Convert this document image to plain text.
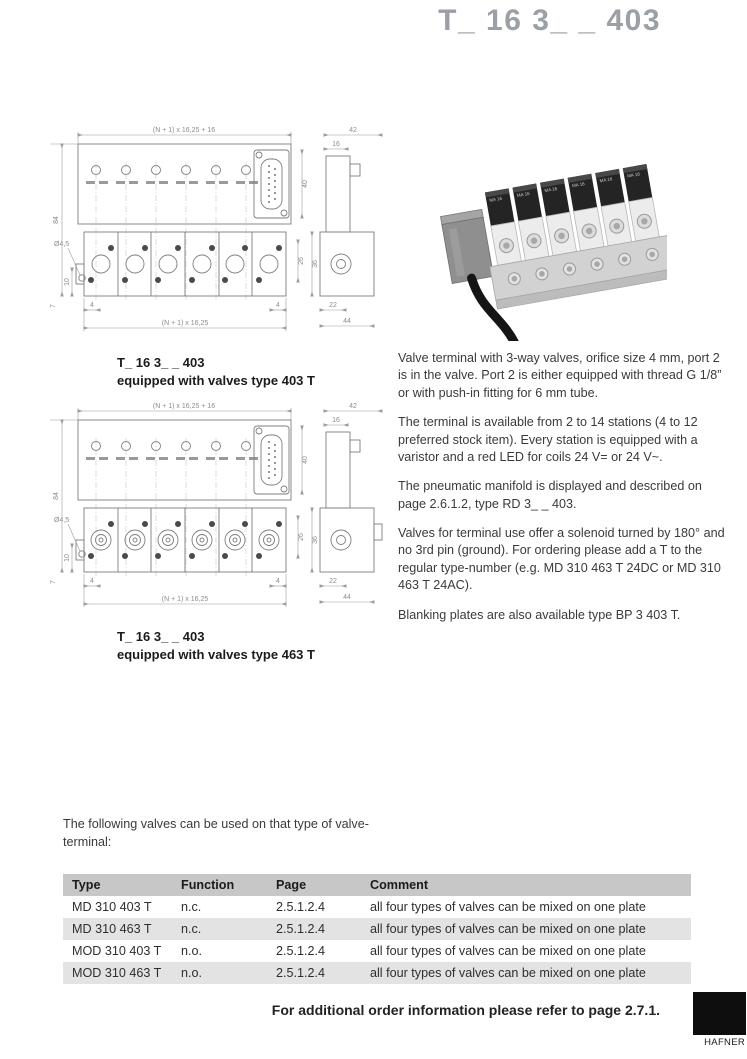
T_ 16 3_ _ 403
(N + 1) x 16,25 + 16
40
Ø4,5
84
10
7	4	4
(N + 1) x 16,25
26 36
42
16
22
44
T_ 16 3_ _ 403
equipped with valves type 403 T
MA 16
MA 16
MA 16
MA 16
MA 16
MA 16

Valve terminal with 3-way valves, orifice size 4 mm, port 2 is in the valve. Port 2 is either equipped with thread G 1/8” or with push-in fitting for 6 mm tube.

The terminal is available from 2 to 14 stations (4 to 12 preferred stock item). Every station is equipped with a varistor and a red LED for coils 24 V= or 24 V~.

The pneumatic manifold is displayed and described on page 2.6.1.2, type RD 3_ _ 403.

Valves for terminal use offer a solenoid turned by 180° and no 3rd pin (ground). For ordering please add a T to the regular type-number (e.g. MD 310 463 T 24DC or MD 310 463 T 24AC).

Blanking plates are also available type BP 3 403 T.

(N + 1) x 16,25 + 16
40
Ø4,5
84
10
7	4	4
(N + 1) x 16,25
26 36
42
16
22
44
T_ 16 3_ _ 403
equipped with valves type 463 T
The following valves can be used on that type of valve-terminal:
Type	Function	Page	Comment
MD 310 403 T	n.c.	2.5.1.2.4	all four types of valves can be mixed on one plate
MD 310 463 T	n.c.	2.5.1.2.4	all four types of valves can be mixed on one plate
MOD 310 403 T	n.o.	2.5.1.2.4	all four types of valves can be mixed on one plate
MOD 310 463 T	n.o.	2.5.1.2.4	all four types of valves can be mixed on one plate
For additional order information please refer to page 2.7.1.
HAFNER
